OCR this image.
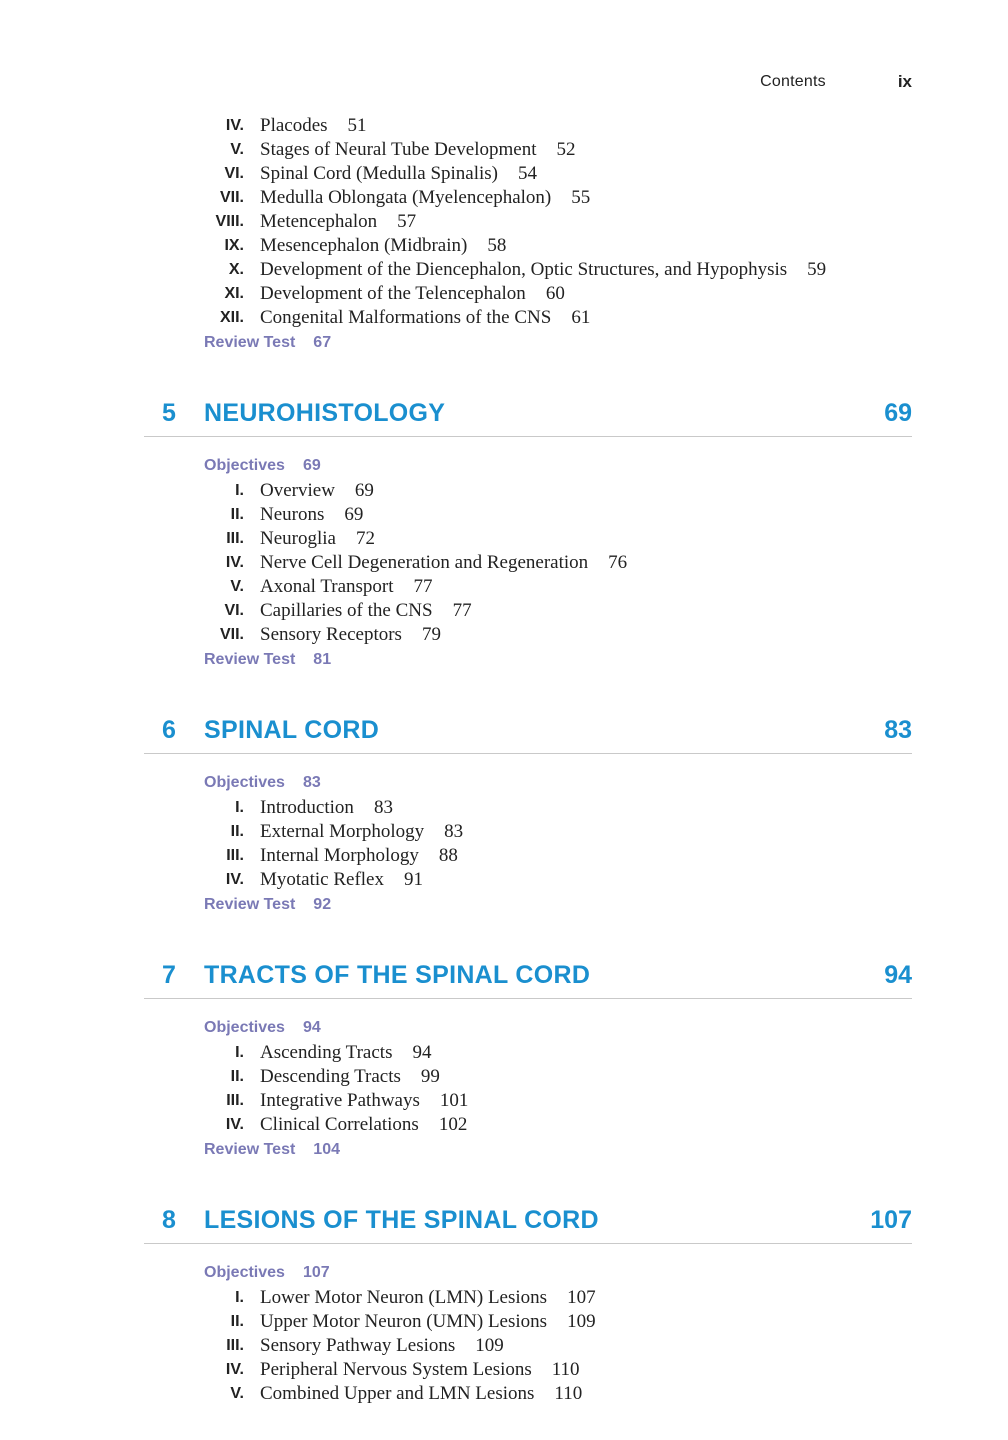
Contents	ix
IV. Placodes 51
V. Stages of Neural Tube Development 52
VI. Spinal Cord (Medulla Spinalis) 54
VII. Medulla Oblongata (Myelencephalon) 55
VIII. Metencephalon 57
IX. Mesencephalon (Midbrain) 58
X. Development of the Diencephalon, Optic Structures, and Hypophysis 59
XI. Development of the Telencephalon 60
XII. Congenital Malformations of the CNS 61
Review Test 67
5 NEUROHISTOLOGY	69
Objectives 69
I. Overview 69
II. Neurons 69
III. Neuroglia 72
IV. Nerve Cell Degeneration and Regeneration 76
V. Axonal Transport 77
VI. Capillaries of the CNS 77
VII. Sensory Receptors 79
Review Test 81
6 SPINAL CORD	83
Objectives 83
I. Introduction 83
II. External Morphology 83
III. Internal Morphology 88
IV. Myotatic Reflex 91
Review Test 92
7 TRACTS OF THE SPINAL CORD	94
Objectives 94
I. Ascending Tracts 94
II. Descending Tracts 99
III. Integrative Pathways 101
IV. Clinical Correlations 102
Review Test 104
8 LESIONS OF THE SPINAL CORD	107
Objectives 107
I. Lower Motor Neuron (LMN) Lesions 107
II. Upper Motor Neuron (UMN) Lesions 109
III. Sensory Pathway Lesions 109
IV. Peripheral Nervous System Lesions 110
V. Combined Upper and LMN Lesions 110
